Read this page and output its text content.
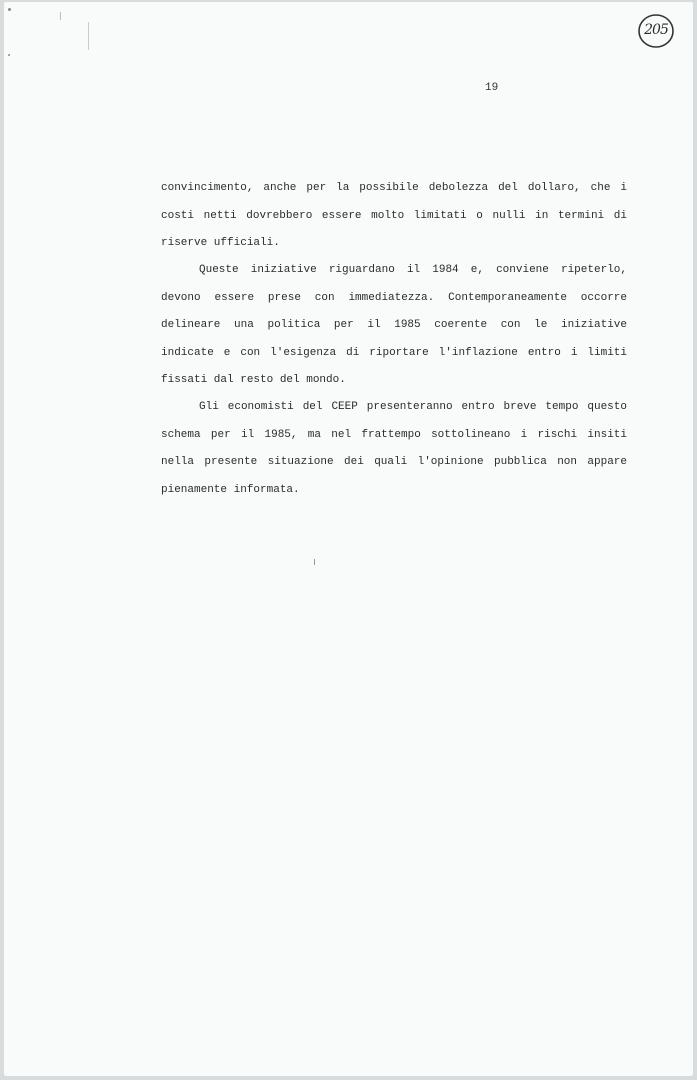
205
19
convincimento, anche per la possibile debolezza del dollaro, che i
costi netti dovrebbero essere molto limitati o nulli in termini di
riserve ufficiali.
Queste iniziative riguardano il 1984 e, conviene ripeterlo,
devono essere prese con immediatezza. Contemporaneamente occorre
delineare una politica per il 1985 coerente con le iniziative
indicate e con l'esigenza di riportare l'inflazione entro i limiti
fissati dal resto del mondo.
Gli economisti del CEEP presenteranno entro breve tempo questo
schema per il 1985, ma nel frattempo sottolineano i rischi insiti
nella presente situazione dei quali l'opinione pubblica non appare
pienamente informata.
